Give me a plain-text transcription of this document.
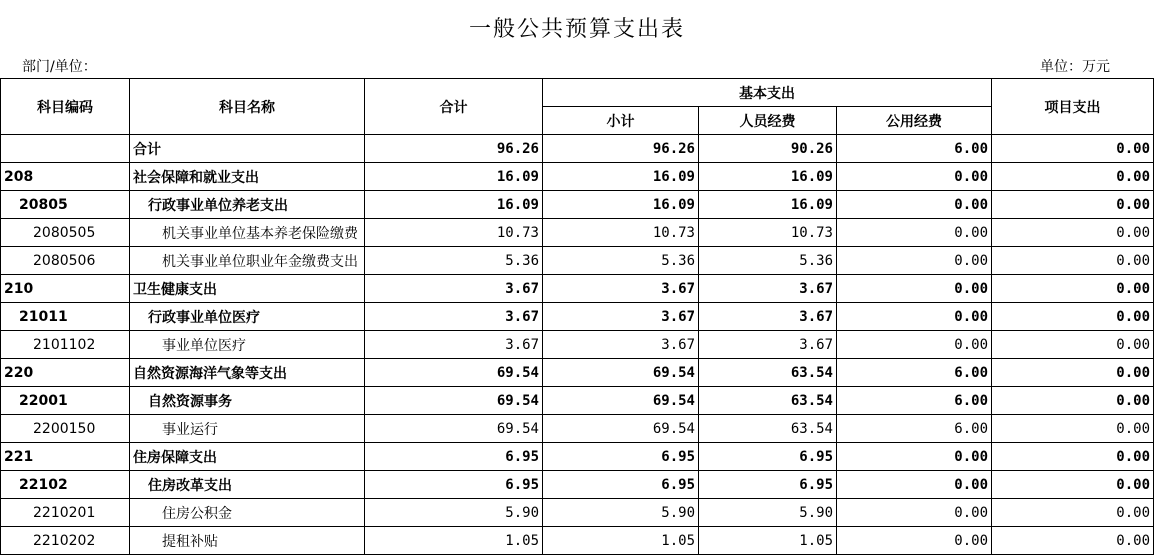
一般公共预算支出表
部门/单位：	单位：万元
科目编码	科目名称	合计	基本支出			项目支出
			小计	人员经费	公用经费	
	合计	96.26	96.26	90.26	6.00	0.00
208	社会保障和就业支出	16.09	16.09	16.09	0.00	0.00
20805	行政事业单位养老支出	16.09	16.09	16.09	0.00	0.00
2080505	机关事业单位基本养老保险缴费	10.73	10.73	10.73	0.00	0.00
2080506	机关事业单位职业年金缴费支出	5.36	5.36	5.36	0.00	0.00
210	卫生健康支出	3.67	3.67	3.67	0.00	0.00
21011	行政事业单位医疗	3.67	3.67	3.67	0.00	0.00
2101102	事业单位医疗	3.67	3.67	3.67	0.00	0.00
220	自然资源海洋气象等支出	69.54	69.54	63.54	6.00	0.00
22001	自然资源事务	69.54	69.54	63.54	6.00	0.00
2200150	事业运行	69.54	69.54	63.54	6.00	0.00
221	住房保障支出	6.95	6.95	6.95	0.00	0.00
22102	住房改革支出	6.95	6.95	6.95	0.00	0.00
2210201	住房公积金	5.90	5.90	5.90	0.00	0.00
2210202	提租补贴	1.05	1.05	1.05	0.00	0.00
